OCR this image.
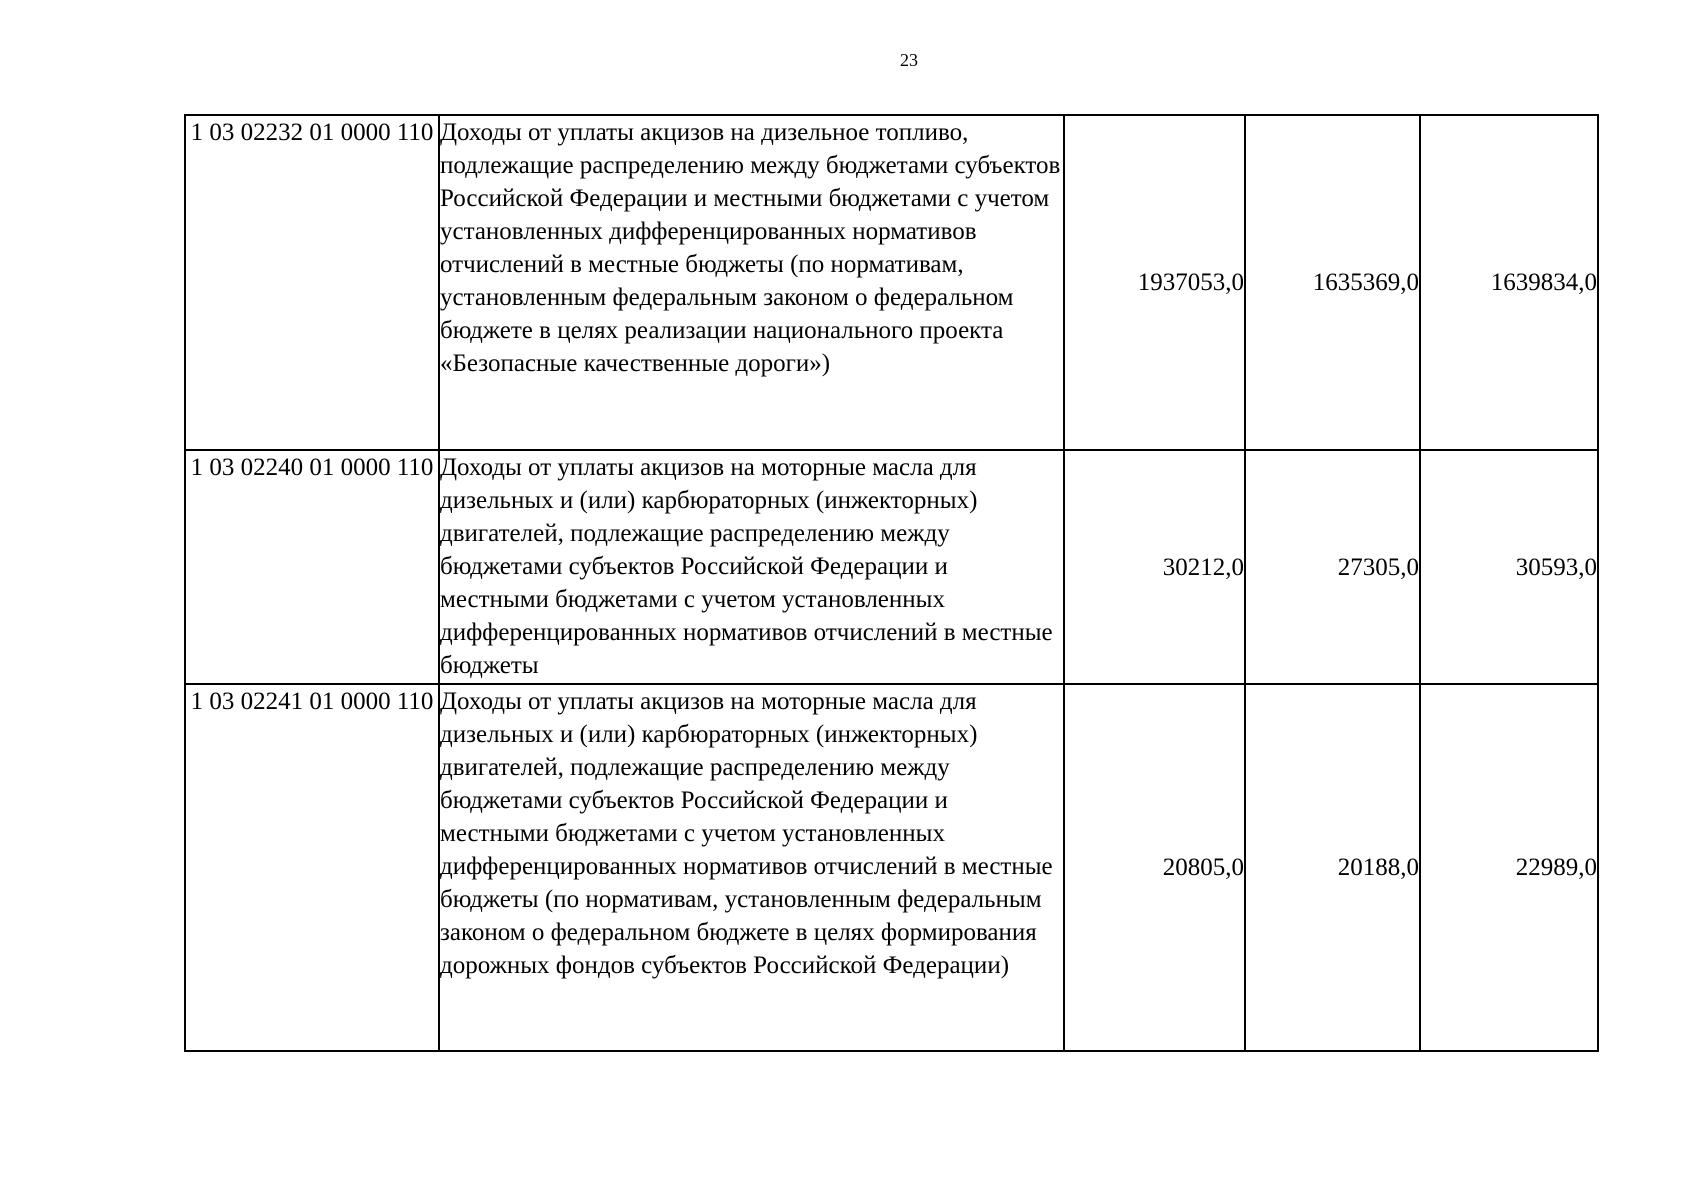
23
1 03 02232 01 0000 110	Доходы от уплаты акцизов на дизельное топливо, подлежащие распределению между бюджетами субъектов Российской Федерации и местными бюджетами с учетом установленных дифференцированных нормативов отчислений в местные бюджеты (по нормативам, установленным федеральным законом о федеральном бюджете в целях реализации национального проекта «Безопасные качественные дороги»)	1937053,0	1635369,0	1639834,0
1 03 02240 01 0000 110	Доходы от уплаты акцизов на моторные масла для дизельных и (или) карбюраторных (инжекторных) двигателей, подлежащие распределению между бюджетами субъектов Российской Федерации и местными бюджетами с учетом установленных дифференцированных нормативов отчислений в местные бюджеты	30212,0	27305,0	30593,0
1 03 02241 01 0000 110	Доходы от уплаты акцизов на моторные масла для дизельных и (или) карбюраторных (инжекторных) двигателей, подлежащие распределению между бюджетами субъектов Российской Федерации и местными бюджетами с учетом установленных дифференцированных нормативов отчислений в местные бюджеты (по нормативам, установленным федеральным законом о федеральном бюджете в целях формирования дорожных фондов субъектов Российской Федерации)	20805,0	20188,0	22989,0
